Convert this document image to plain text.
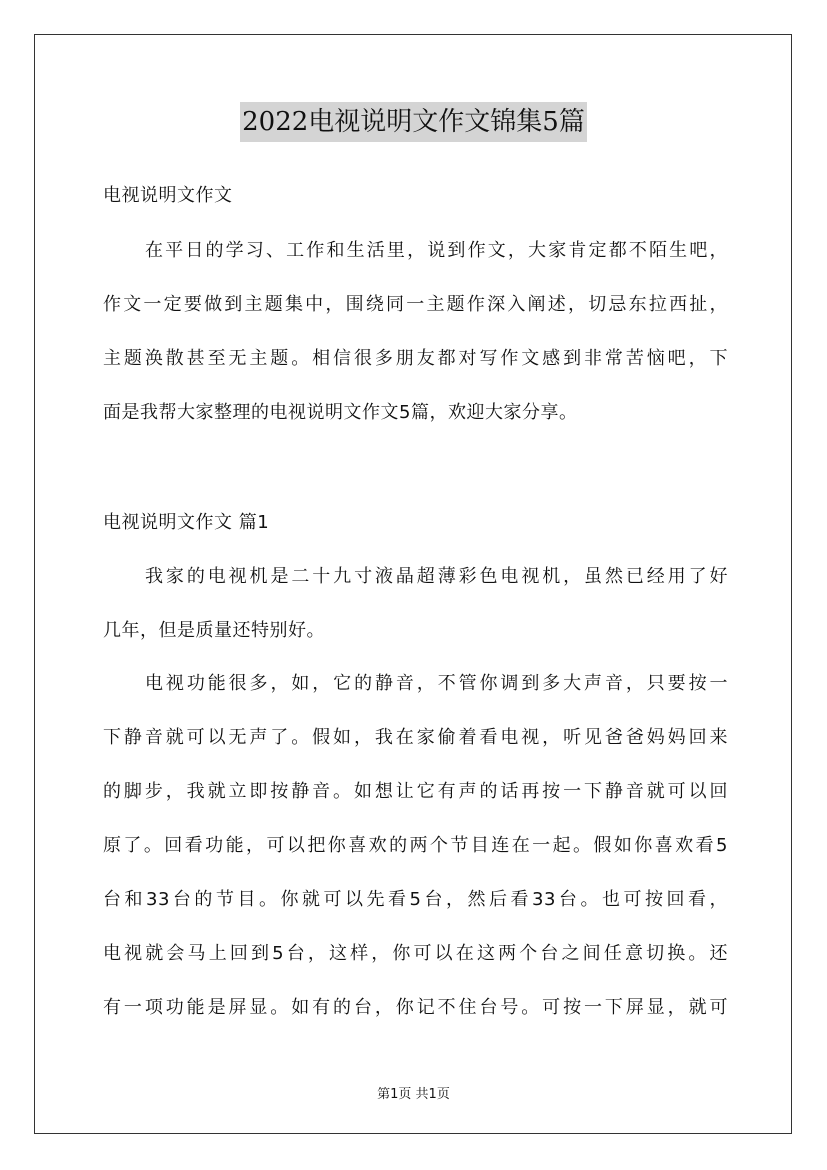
2022电视说明文作文锦集5篇
电视说明文作文
在平日的学习、工作和生活里，说到作文，大家肯定都不陌生吧，
作文一定要做到主题集中，围绕同一主题作深入阐述，切忌东拉西扯，
主题涣散甚至无主题。相信很多朋友都对写作文感到非常苦恼吧，下
面是我帮大家整理的电视说明文作文5篇，欢迎大家分享。
电视说明文作文 篇1
我家的电视机是二十九寸液晶超薄彩色电视机，虽然已经用了好
几年，但是质量还特别好。
电视功能很多，如，它的静音，不管你调到多大声音，只要按一
下静音就可以无声了。假如，我在家偷着看电视，听见爸爸妈妈回来
的脚步，我就立即按静音。如想让它有声的话再按一下静音就可以回
原了。回看功能，可以把你喜欢的两个节目连在一起。假如你喜欢看5
台和33台的节目。你就可以先看5台，然后看33台。也可按回看，
电视就会马上回到5台，这样，你可以在这两个台之间任意切换。还
有一项功能是屏显。如有的台，你记不住台号。可按一下屏显，就可
第1页 共1页
